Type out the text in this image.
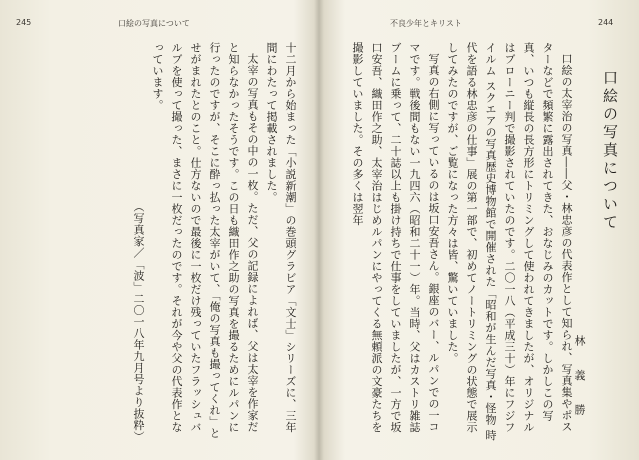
245	口絵の写真について

十二月から始まった「小説新潮」の巻頭グラビア「文士」シリーズに、三年間にわたって掲載されました。

太宰の写真もその中の一枚。ただ、父の記録によれば、父は太宰を作家だと知らなかったそうです。この日も織田作之助の写真を撮るためにルパンに行ったのですが、そこに酔っ払った太宰がいて、「俺の写真も撮ってくれ」とせがまれたとのこと。仕方ないので最後に一枚だけ残っていたフラッシュバルブを使って撮った、まさに一枚だったのです。それが今や父の代表作となっています。

（写真家／「波」二〇一八年九月号より抜粋）

不良少年とキリスト	244
口絵の写真について
林 義 勝

口絵の太宰治の写真――父・林忠彦の代表作として知られ、写真集やポスターなどで頻繁に露出されてきた、おなじみのカットです。しかしこの写真、いつも縦長の長方形にトリミングして使われてきましたが、オリジナルはブローニー判で撮影されていたのです。二〇一八（平成三十）年にフジフイルム スクエアの写真歴史博物館で開催された「昭和が生んだ写真・怪物 時代を語る林忠彦の仕事」展の第一部で、初めてノートリミングの状態で展示してみたのですが、ご覧になった方々は皆、驚いていました。

写真の右側に写っているのは坂口安吾さん。銀座のバー、ルパンでの一コマです。戦後間もない一九四六（昭和二十一）年。当時、父はカストリ雑誌ブームに乗って、二十誌以上も掛け持ちで仕事をしていましたが、一方で坂口安吾、織田作之助、太宰治はじめルパンにやってくる無頼派の文豪たちを撮影していました。その多くは翌年
